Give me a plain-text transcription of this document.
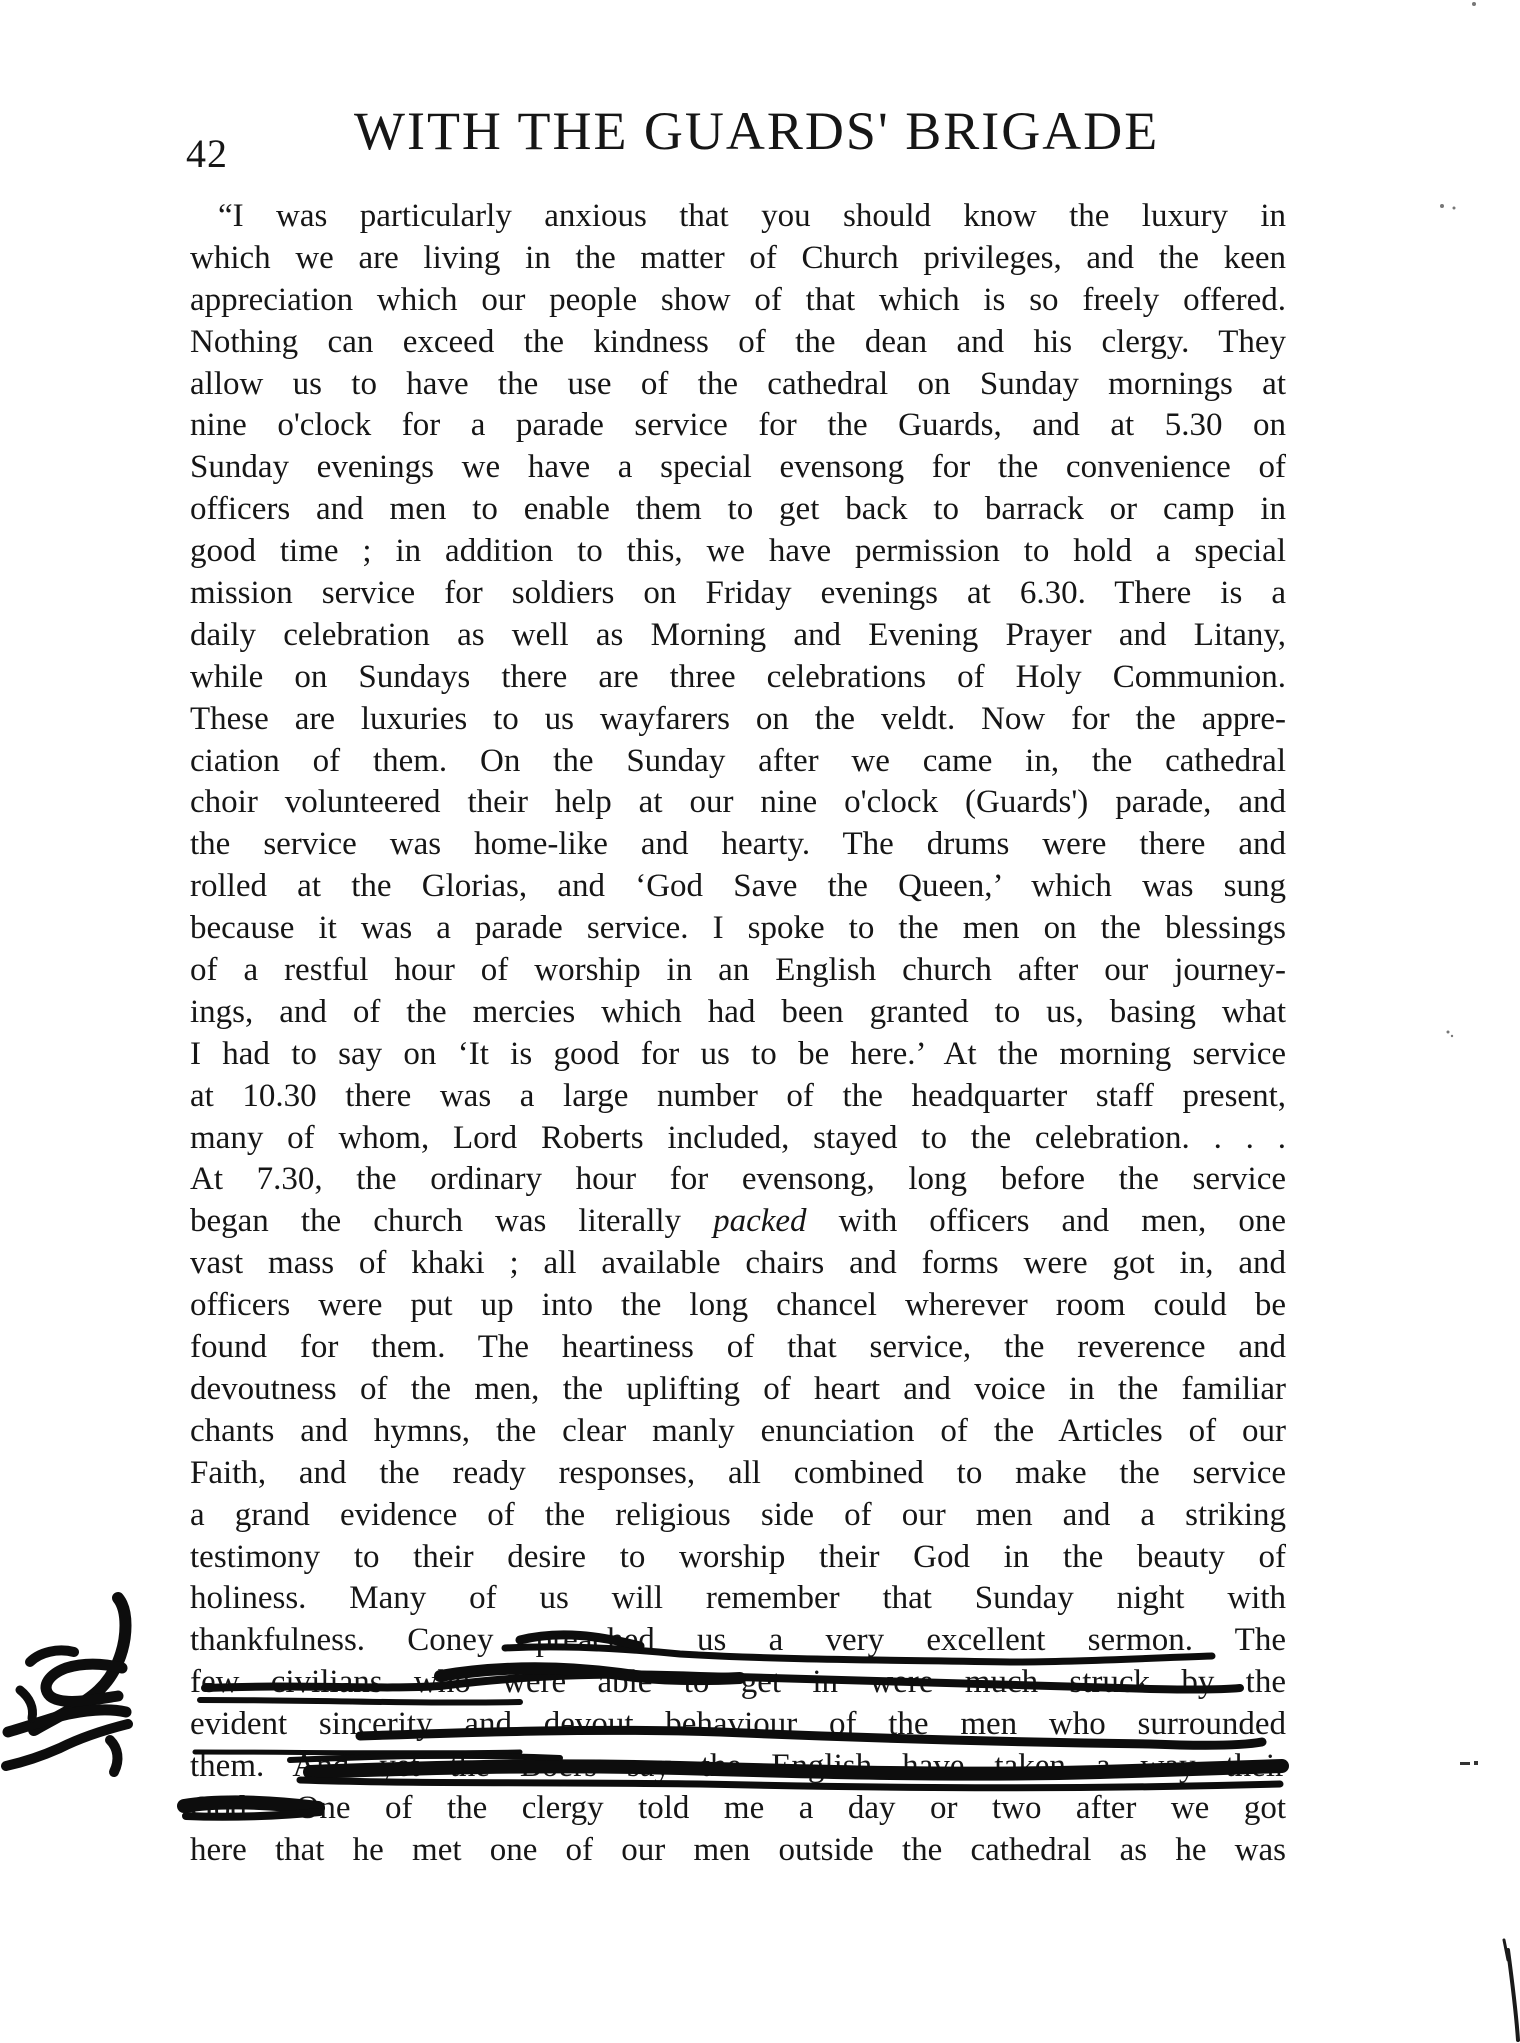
42 WITH THE GUARDS' BRIGADE
“I was particularly anxious that you should know the luxury in
which we are living in the matter of Church privileges, and the keen
appreciation which our people show of that which is so freely offered.
Nothing can exceed the kindness of the dean and his clergy. They
allow us to have the use of the cathedral on Sunday mornings at
nine o'clock for a parade service for the Guards, and at 5.30 on
Sunday evenings we have a special evensong for the convenience of
officers and men to enable them to get back to barrack or camp in
good time ; in addition to this, we have permission to hold a special
mission service for soldiers on Friday evenings at 6.30. There is a
daily celebration as well as Morning and Evening Prayer and Litany,
while on Sundays there are three celebrations of Holy Communion.
These are luxuries to us wayfarers on the veldt. Now for the appre-
ciation of them. On the Sunday after we came in, the cathedral
choir volunteered their help at our nine o'clock (Guards') parade, and
the service was home-like and hearty. The drums were there and
rolled at the Glorias, and ‘God Save the Queen,’ which was sung
because it was a parade service. I spoke to the men on the blessings
of a restful hour of worship in an English church after our journey-
ings, and of the mercies which had been granted to us, basing what
I had to say on ‘It is good for us to be here.’ At the morning service
at 10.30 there was a large number of the headquarter staff present,
many of whom, Lord Roberts included, stayed to the celebration. . . .
At 7.30, the ordinary hour for evensong, long before the service
began the church was literally packed with officers and men, one
vast mass of khaki ; all available chairs and forms were got in, and
officers were put up into the long chancel wherever room could be
found for them. The heartiness of that service, the reverence and
devoutness of the men, the uplifting of heart and voice in the familiar
chants and hymns, the clear manly enunciation of the Articles of our
Faith, and the ready responses, all combined to make the service
a grand evidence of the religious side of our men and a striking
testimony to their desire to worship their God in the beauty of
holiness. Many of us will remember that Sunday night with
thankfulness. Coney preached us a very excellent sermon. The
few civilians who were able to get in were much struck by the
evident sincerity and devout behaviour of the men who surrounded
them. And yet the Boers say the English have taken a way their
God.' One of the clergy told me a day or two after we got
here that he met one of our men outside the cathedral as he was
